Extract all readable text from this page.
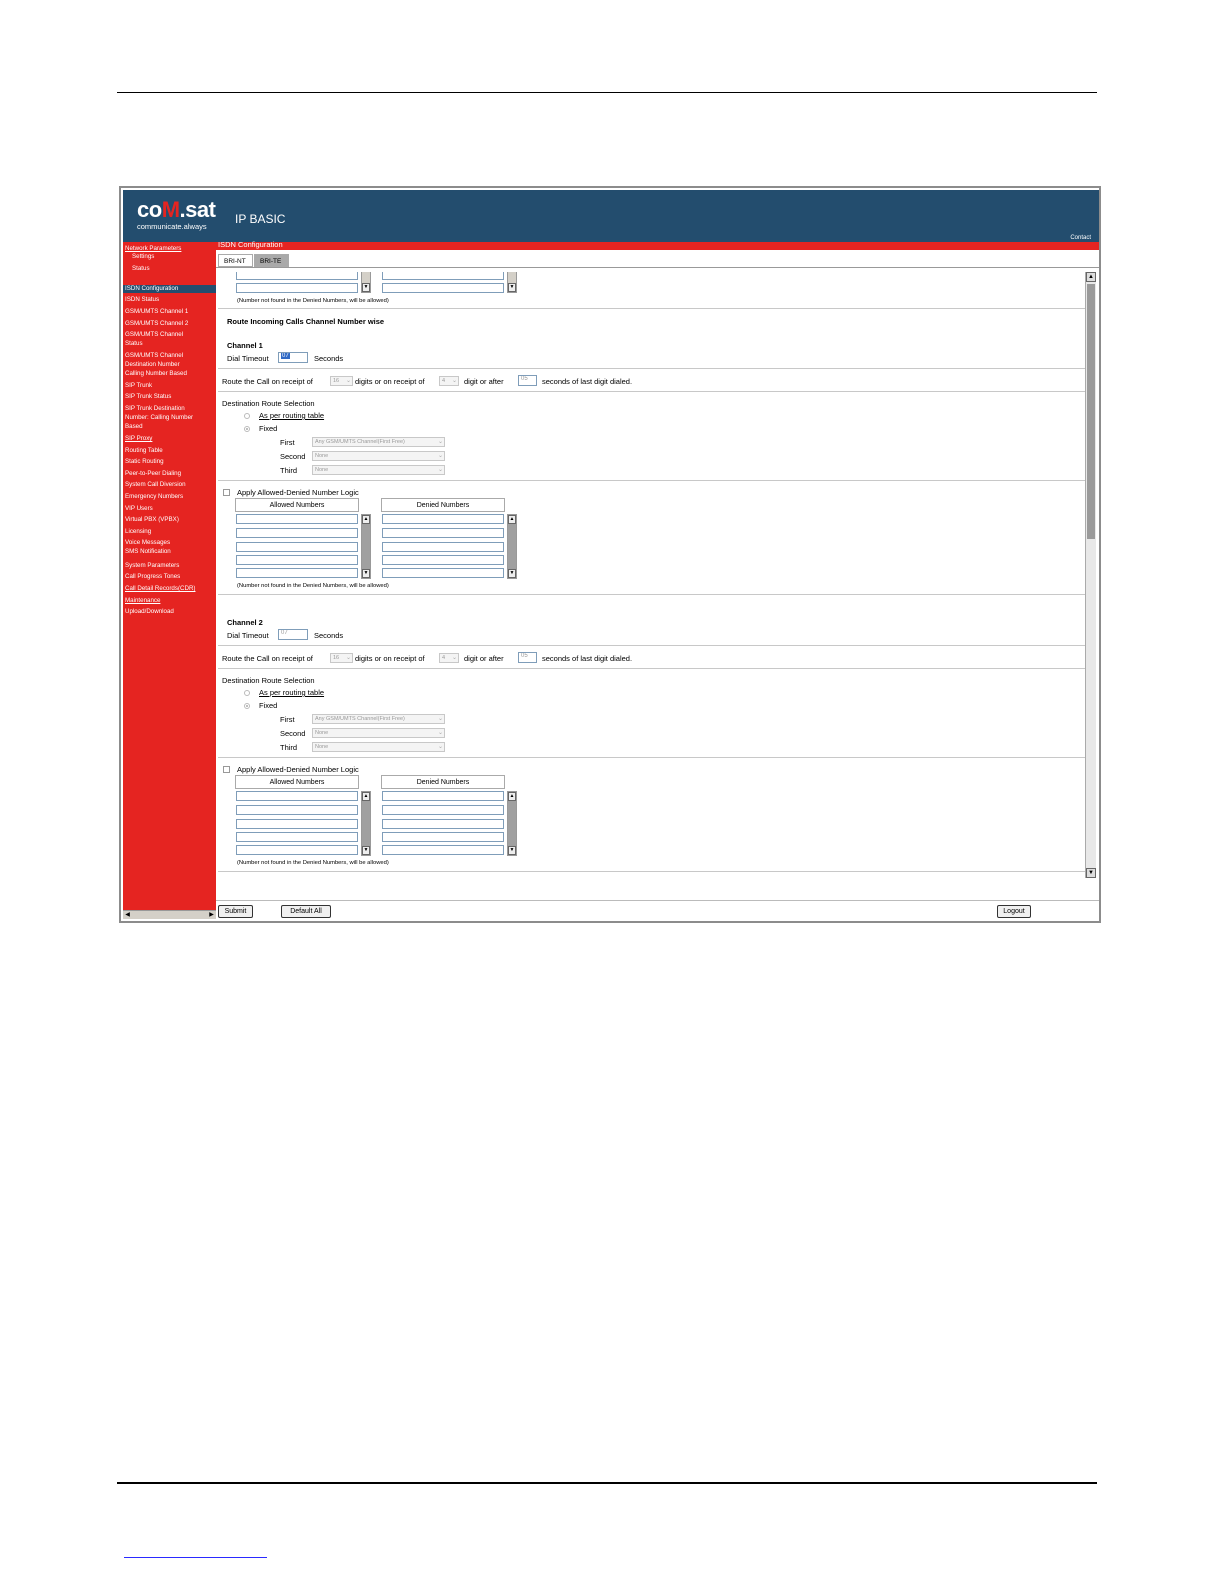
coM.sat
communicate.always
IP BASIC
Contact
Network Parameters
Settings
Status
ISDN Configuration
ISDN Status
GSM/UMTS Channel 1
GSM/UMTS Channel 2
GSM/UMTS Channel
Status
GSM/UMTS Channel
Destination Number
Calling Number Based
SIP Trunk
SIP Trunk Status
SIP Trunk Destination
Number: Calling Number
Based
SIP Proxy
Routing Table
Static Routing
Peer-to-Peer Dialing
System Call Diversion
Emergency Numbers
VIP Users
Virtual PBX (VPBX)
Licensing
Voice Messages
SMS Notification
System Parameters
Call Progress Tones
Call Detail Records(CDR)
Maintenance
Upload/Download
◀	▶
ISDN Configuration
BRI-NT	BRI-TE
▼	▼
(Number not found in the Denied Numbers, will be allowed)
Route Incoming Calls Channel Number wise
Channel 1
Dial Timeout	07	Seconds
Route the Call on receipt of	16 ⌄ digits or on receipt of	4 ⌄ digit or after	05	seconds of last digit dialed.
Destination Route Selection
As per routing table
Fixed
First	Any GSM/UMTS Channel(First Free)	⌄
Second	None	⌄
Third	None	⌄
Apply Allowed-Denied Number Logic
Allowed Numbers	Denied Numbers
▲
▼
▲
▼
(Number not found in the Denied Numbers, will be allowed)
Channel 2
Dial Timeout	07	Seconds
Route the Call on receipt of	16 ⌄ digits or on receipt of	4 ⌄ digit or after	05	seconds of last digit dialed.
Destination Route Selection
As per routing table
Fixed
First	Any GSM/UMTS Channel(First Free)	⌄
Second	None	⌄
Third	None	⌄
Apply Allowed-Denied Number Logic
Allowed Numbers	Denied Numbers
▲
▼
▲
▼
(Number not found in the Denied Numbers, will be allowed)
▲
▼
Submit	Default All	Logout
